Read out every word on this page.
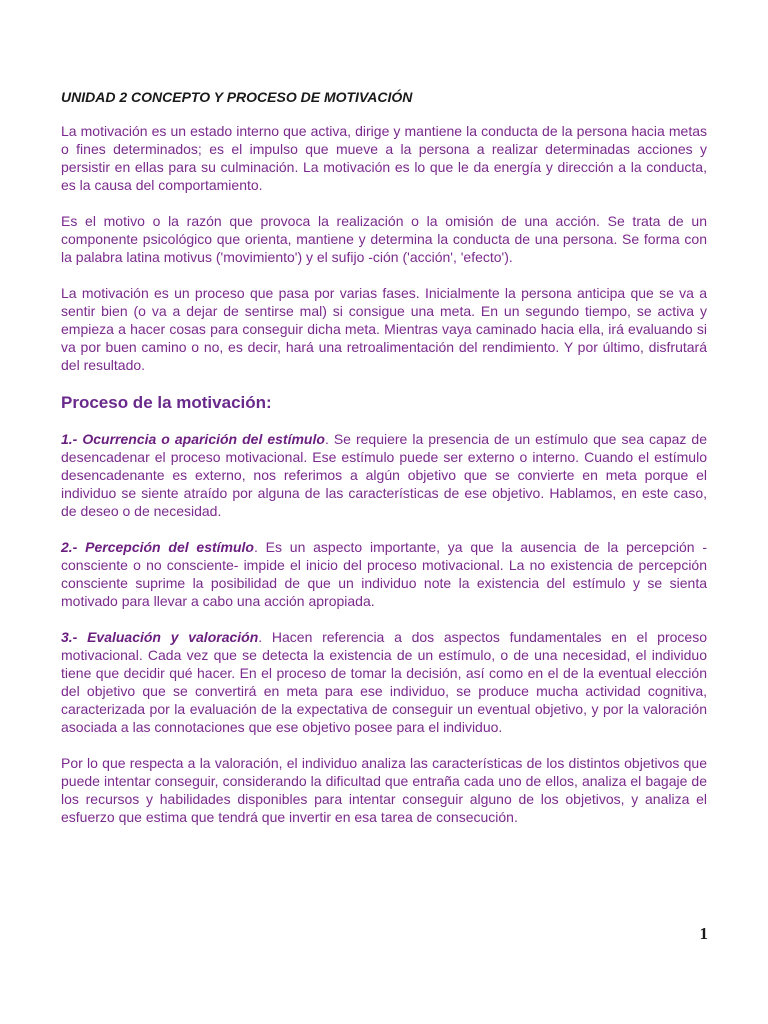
UNIDAD 2 CONCEPTO Y PROCESO DE MOTIVACIÓN

La motivación es un estado interno que activa, dirige y mantiene la conducta de la persona hacia metas o fines determinados; es el impulso que mueve a la persona a realizar determinadas acciones y persistir en ellas para su culminación. La motivación es lo que le da energía y dirección a la conducta, es la causa del comportamiento.

Es el motivo o la razón que provoca la realización o la omisión de una acción. Se trata de un componente psicológico que orienta, mantiene y determina la conducta de una persona. Se forma con la palabra latina motivus ('movimiento') y el sufijo -ción ('acción', 'efecto').

La motivación es un proceso que pasa por varias fases. Inicialmente la persona anticipa que se va a sentir bien (o va a dejar de sentirse mal) si consigue una meta. En un segundo tiempo, se activa y empieza a hacer cosas para conseguir dicha meta. Mientras vaya caminado hacia ella, irá evaluando si va por buen camino o no, es decir, hará una retroalimentación del rendimiento. Y por último, disfrutará del resultado.

Proceso de la motivación:

1.- Ocurrencia o aparición del estímulo. Se requiere la presencia de un estímulo que sea capaz de desencadenar el proceso motivacional. Ese estímulo puede ser externo o interno. Cuando el estímulo desencadenante es externo, nos referimos a algún objetivo que se convierte en meta porque el individuo se siente atraído por alguna de las características de ese objetivo. Hablamos, en este caso, de deseo o de necesidad.

2.- Percepción del estímulo. Es un aspecto importante, ya que la ausencia de la percepción - consciente o no consciente- impide el inicio del proceso motivacional. La no existencia de percepción consciente suprime la posibilidad de que un individuo note la existencia del estímulo y se sienta motivado para llevar a cabo una acción apropiada.

3.- Evaluación y valoración. Hacen referencia a dos aspectos fundamentales en el proceso motivacional. Cada vez que se detecta la existencia de un estímulo, o de una necesidad, el individuo tiene que decidir qué hacer. En el proceso de tomar la decisión, así como en el de la eventual elección del objetivo que se convertirá en meta para ese individuo, se produce mucha actividad cognitiva, caracterizada por la evaluación de la expectativa de conseguir un eventual objetivo, y por la valoración asociada a las connotaciones que ese objetivo posee para el individuo.

Por lo que respecta a la valoración, el individuo analiza las características de los distintos objetivos que puede intentar conseguir, considerando la dificultad que entraña cada uno de ellos, analiza el bagaje de los recursos y habilidades disponibles para intentar conseguir alguno de los objetivos, y analiza el esfuerzo que estima que tendrá que invertir en esa tarea de consecución.

1
